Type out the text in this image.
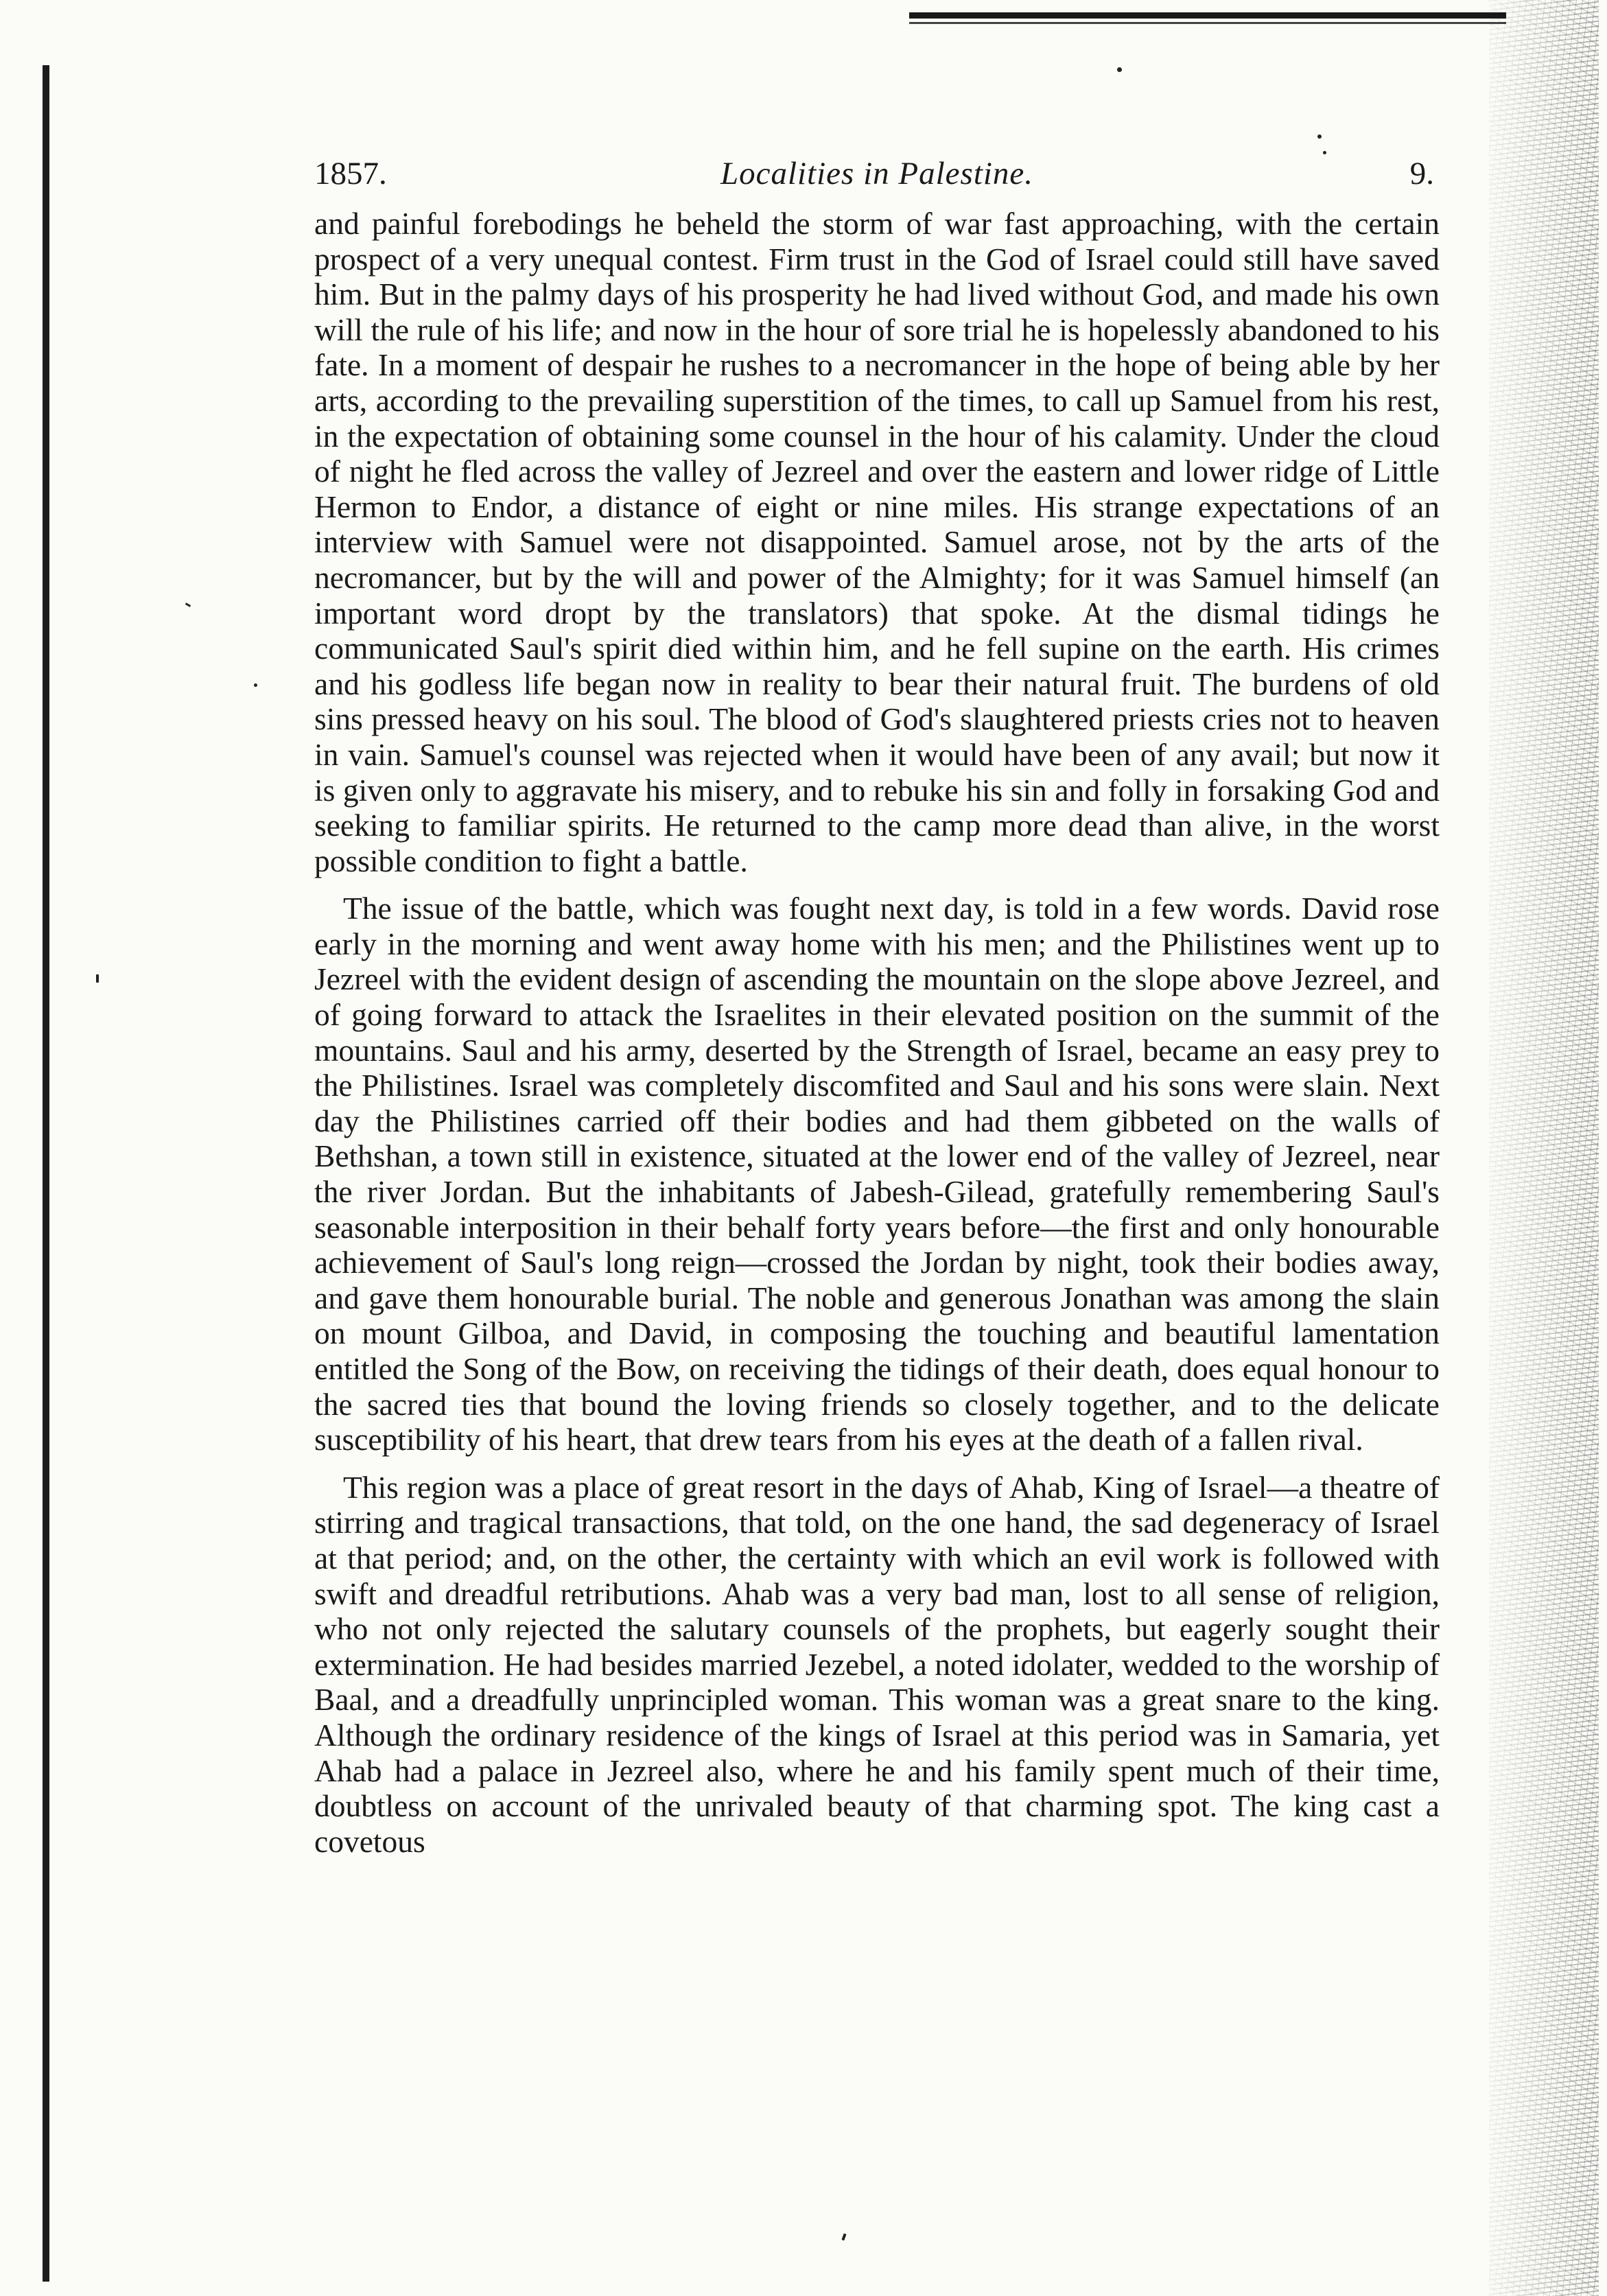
1857.	Localities in Palestine.	9.

and painful forebodings he beheld the storm of war fast approaching, with the certain prospect of a very unequal contest. Firm trust in the God of Israel could still have saved him. But in the palmy days of his prosperity he had lived without God, and made his own will the rule of his life; and now in the hour of sore trial he is hopelessly abandoned to his fate. In a moment of despair he rushes to a necromancer in the hope of being able by her arts, according to the prevailing superstition of the times, to call up Samuel from his rest, in the expectation of obtaining some counsel in the hour of his calamity. Under the cloud of night he fled across the valley of Jezreel and over the eastern and lower ridge of Little Hermon to Endor, a distance of eight or nine miles. His strange expectations of an interview with Samuel were not disappointed. Samuel arose, not by the arts of the necromancer, but by the will and power of the Almighty; for it was Samuel himself (an important word dropt by the translators) that spoke. At the dismal tidings he communicated Saul's spirit died within him, and he fell supine on the earth. His crimes and his godless life began now in reality to bear their natural fruit. The burdens of old sins pressed heavy on his soul. The blood of God's slaughtered priests cries not to heaven in vain. Samuel's counsel was rejected when it would have been of any avail; but now it is given only to aggravate his misery, and to rebuke his sin and folly in forsaking God and seeking to familiar spirits. He returned to the camp more dead than alive, in the worst possible condition to fight a battle.

The issue of the battle, which was fought next day, is told in a few words. David rose early in the morning and went away home with his men; and the Philistines went up to Jezreel with the evident design of ascending the mountain on the slope above Jezreel, and of going forward to attack the Israelites in their elevated position on the summit of the mountains. Saul and his army, deserted by the Strength of Israel, became an easy prey to the Philistines. Israel was completely discomfited and Saul and his sons were slain. Next day the Philistines carried off their bodies and had them gibbeted on the walls of Bethshan, a town still in existence, situated at the lower end of the valley of Jezreel, near the river Jordan. But the inhabitants of Jabesh-Gilead, gratefully remembering Saul's seasonable interposition in their behalf forty years before—the first and only honourable achievement of Saul's long reign—crossed the Jordan by night, took their bodies away, and gave them honourable burial. The noble and generous Jonathan was among the slain on mount Gilboa, and David, in composing the touching and beautiful lamentation entitled the Song of the Bow, on receiving the tidings of their death, does equal honour to the sacred ties that bound the loving friends so closely together, and to the delicate susceptibility of his heart, that drew tears from his eyes at the death of a fallen rival.

This region was a place of great resort in the days of Ahab, King of Israel—a theatre of stirring and tragical transactions, that told, on the one hand, the sad degeneracy of Israel at that period; and, on the other, the certainty with which an evil work is followed with swift and dreadful retributions. Ahab was a very bad man, lost to all sense of religion, who not only rejected the salutary counsels of the prophets, but eagerly sought their extermination. He had besides married Jezebel, a noted idolater, wedded to the worship of Baal, and a dreadfully unprincipled woman. This woman was a great snare to the king. Although the ordinary residence of the kings of Israel at this period was in Samaria, yet Ahab had a palace in Jezreel also, where he and his family spent much of their time, doubtless on account of the unrivaled beauty of that charming spot. The king cast a covetous
